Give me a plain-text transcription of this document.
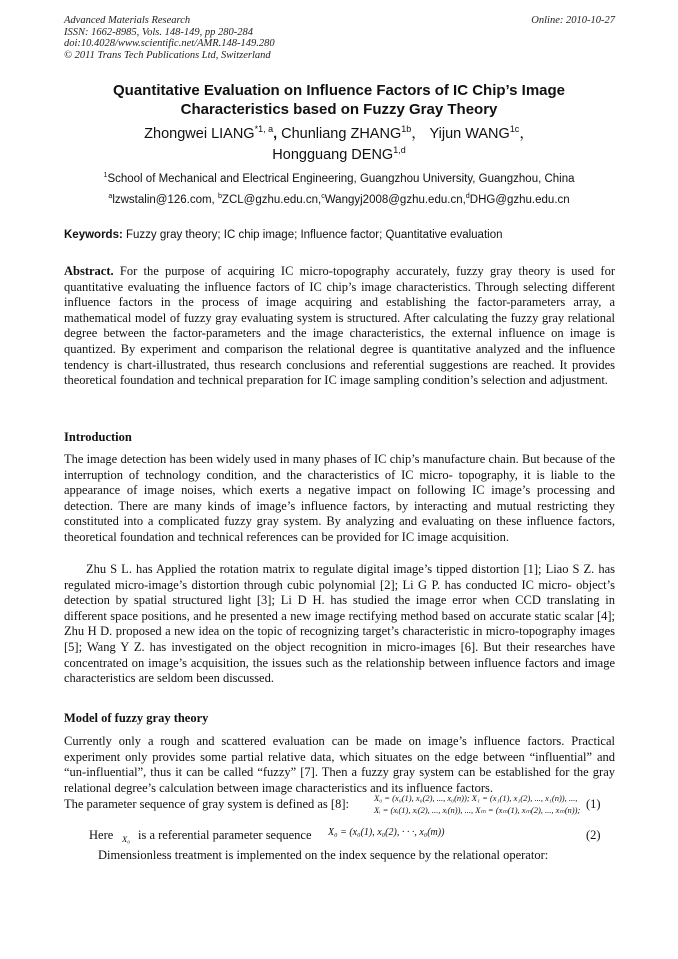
Advanced Materials Research
ISSN: 1662-8985, Vols. 148-149, pp 280-284
doi:10.4028/www.scientific.net/AMR.148-149.280
© 2011 Trans Tech Publications Ltd, Switzerland
Online: 2010-10-27
Quantitative Evaluation on Influence Factors of IC Chip’s Image
Characteristics based on Fuzzy Gray Theory
Zhongwei LIANG$^{*1, a}$, Chunliang $ZHANG^{1b}$， Yijun $WANG^{1c}$，
Hongguang DENG$^{1,d}$
$^1$School of Mechanical and Electrical Engineering, Guangzhou University, Guangzhou, China
$^a$lzwstalin@126.com, $^b$ZCL@gzhu.edu.cn,$^c$Wangyj2008@gzhu.edu.cn,$^d$DHG@gzhu.edu.cn
Keywords: Fuzzy gray theory; IC chip image; Influence factor; Quantitative evaluation
Abstract. For the purpose of acquiring IC micro-topography accurately, fuzzy gray theory is used for quantitative evaluating the influence factors of IC chip’s image characteristics. Through selecting different influence factors in the process of image acquiring and establishing the factor-parameters array, a mathematical model of fuzzy gray evaluating system is structured. After calculating the fuzzy gray relational degree between the factor-parameters and the image characteristics, the external influence on image is quantized. By experiment and comparison the relational degree is quantitative analyzed and the influence tendency is chart-illustrated, thus research conclusions and referential suggestions are reached. It provides theoretical foundation and technical preparation for IC image sampling condition’s selection and adjustment.
Introduction
The image detection has been widely used in many phases of IC chip’s manufacture chain. But because of the interruption of technology condition, and the characteristics of IC micro- topography, it is liable to the appearance of image noises, which exerts a negative impact on following IC image’s processing and detection. There are many kinds of image’s influence factors, by interacting and mutual restricting they constituted into a complicated fuzzy gray system. By analyzing and evaluating on these influence factors, theoretical foundation and technical references can be provided for IC image acquisition.
Zhu S L. has Applied the rotation matrix to regulate digital image’s tipped distortion [1]; Liao S Z. has regulated micro-image’s distortion through cubic polynomial [2]; Li G P. has conducted IC micro- object’s detection by spatial structured light [3]; Li D H. has studied the image error when CCD translating in different space positions, and he presented a new image rectifying method based on accurate static scalar [4]; Zhu H D. proposed a new idea on the topic of recognizing target’s characteristic in micro-topography images [5]; Wang Y Z. has investigated on the object recognition in micro-images [6]. But their researches have concentrated on image’s acquisition, the issues such as the relationship between influence factors and image characteristics are seldom been discussed.
Model of fuzzy gray theory
Currently only a rough and scattered evaluation can be made on image’s influence factors. Practical experiment only provides some partial relative data, which situates on the edge between “influential” and “un-influential”, thus it can be called “fuzzy” [7]. Then a fuzzy gray system can be established for the gray relational degree’s calculation between image characteristics and its influence factors.
The parameter sequence of gray system is defined as [8]:	X₀ = (x₀(1), x₀(2), ..., x₀(n)); X₁ = (x₁(1), x₁(2), ..., x₁(n)), ...,
Xᵢ = (xᵢ(1), xᵢ(2), ..., xᵢ(n)), ..., Xₘ = (xₘ(1), xₘ(2), ..., xₘ(n)); (1)
Here X₀ is a referential parameter sequence X₀ = (x₀(1), x₀(2), · · ·, x₀(m))	(2)
Dimensionless treatment is implemented on the index sequence by the relational operator:
